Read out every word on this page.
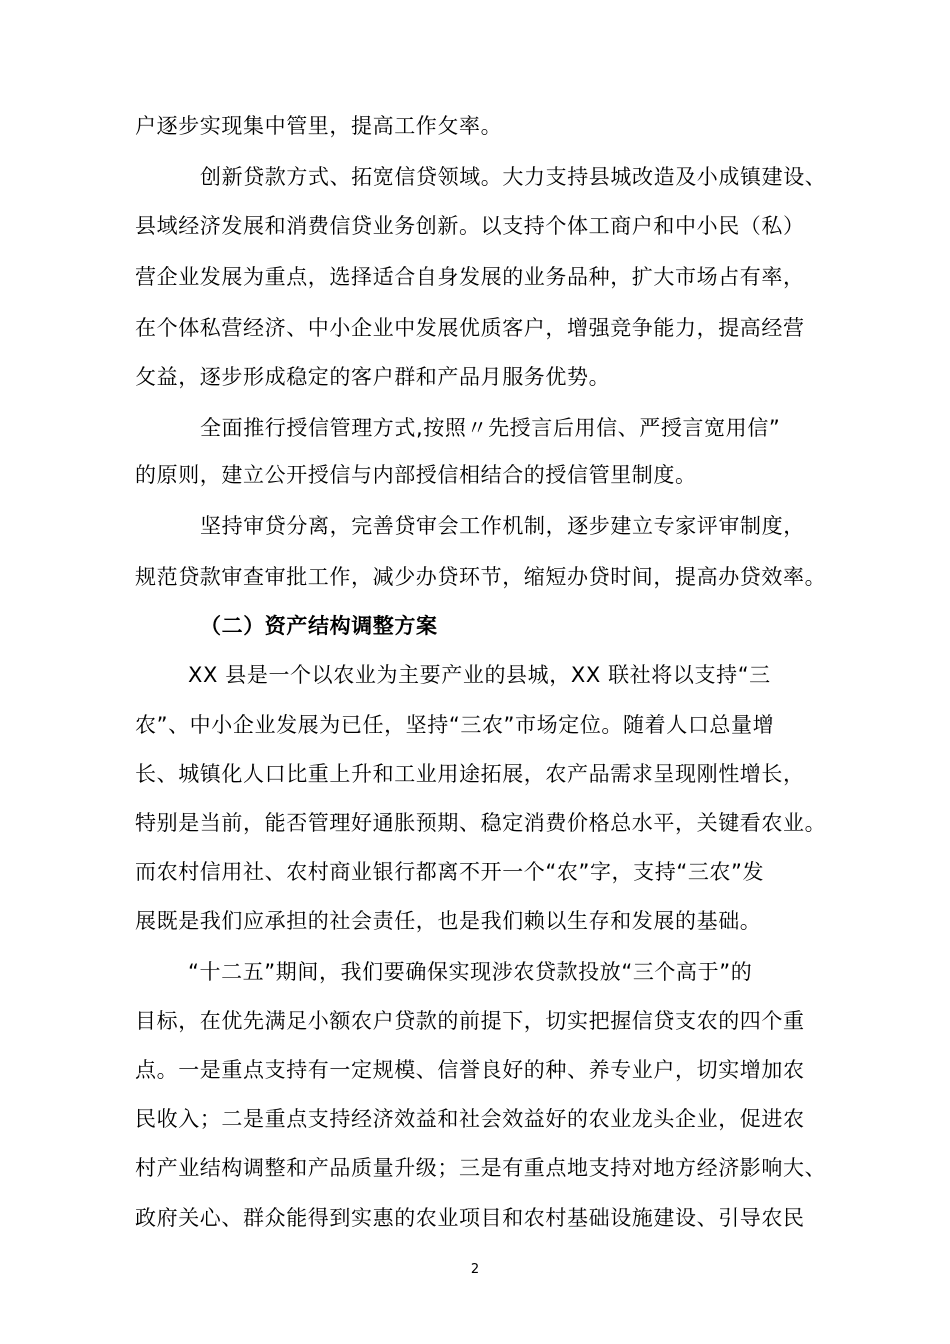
户逐步实现集中管里，提高工作攵率。
创新贷款方式、拓宽信贷领域。大力支持县城改造及小成镇建设、
县域经济发展和消费信贷业务创新。以支持个体工商户和中小民（私）
营企业发展为重点，选择适合自身发展的业务品种，扩大市场占有率，
在个体私营经济、中小企业中发展优质客户，增强竞争能力，提高经营
攵益，逐步形成稳定的客户群和产品月服务优势。
全面推行授信管理方式,按照〃先授言后用信、严授言宽用信”
的原则，建立公开授信与内部授信相结合的授信管里制度。
坚持审贷分离，完善贷审会工作机制，逐步建立专家评审制度，
规范贷款审查审批工作，减少办贷环节，缩短办贷时间，提高办贷效率。
（二）资产结构调整方案
XX 县是一个以农业为主要产业的县城，XX 联社将以支持“三
农”、中小企业发展为已任，坚持“三农”市场定位。随着人口总量增
长、城镇化人口比重上升和工业用途拓展，农产品需求呈现刚性增长，
特别是当前，能否管理好通胀预期、稳定消费价格总水平，关键看农业。
而农村信用社、农村商业银行都离不开一个“农”字，支持“三农”发
展既是我们应承担的社会责任，也是我们赖以生存和发展的基础。
“十二五”期间，我们要确保实现涉农贷款投放“三个高于”的
目标，在优先满足小额农户贷款的前提下，切实把握信贷支农的四个重
点。一是重点支持有一定规模、信誉良好的种、养专业户，切实增加农
民收入；二是重点支持经济效益和社会效益好的农业龙头企业，促进农
村产业结构调整和产品质量升级；三是有重点地支持对地方经济影响大、
政府关心、群众能得到实惠的农业项目和农村基础设施建设、引导农民
2
